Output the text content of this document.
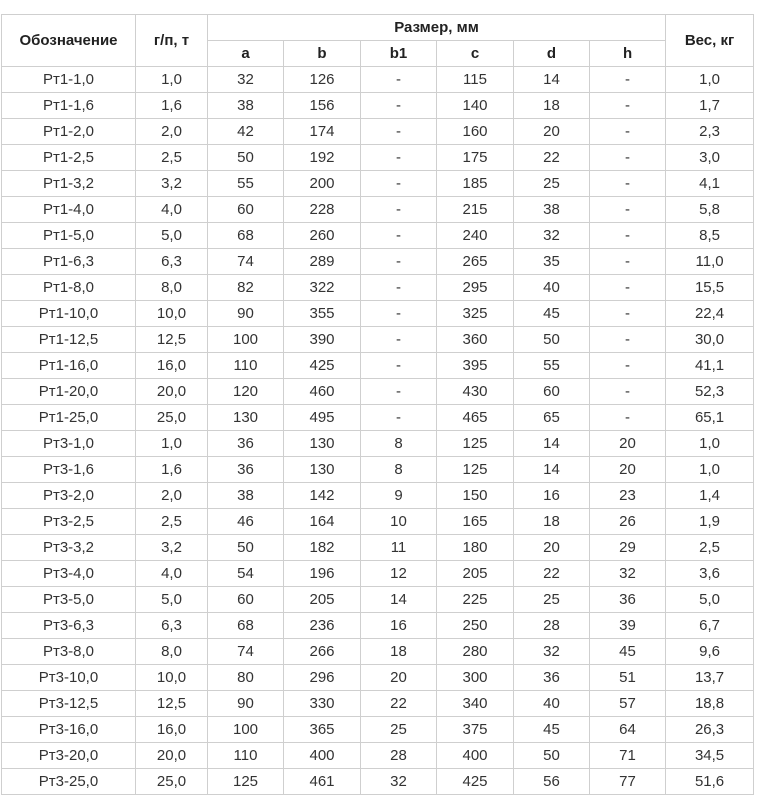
Обозначение	г/п, т	Размер, мм						Вес, кг
		a	b	b1	c	d	h	
Рт1-1,0	1,0	32	126	-	115	14	-	1,0
Рт1-1,6	1,6	38	156	-	140	18	-	1,7
Рт1-2,0	2,0	42	174	-	160	20	-	2,3
Рт1-2,5	2,5	50	192	-	175	22	-	3,0
Рт1-3,2	3,2	55	200	-	185	25	-	4,1
Рт1-4,0	4,0	60	228	-	215	38	-	5,8
Рт1-5,0	5,0	68	260	-	240	32	-	8,5
Рт1-6,3	6,3	74	289	-	265	35	-	11,0
Рт1-8,0	8,0	82	322	-	295	40	-	15,5
Рт1-10,0	10,0	90	355	-	325	45	-	22,4
Рт1-12,5	12,5	100	390	-	360	50	-	30,0
Рт1-16,0	16,0	110	425	-	395	55	-	41,1
Рт1-20,0	20,0	120	460	-	430	60	-	52,3
Рт1-25,0	25,0	130	495	-	465	65	-	65,1
Рт3-1,0	1,0	36	130	8	125	14	20	1,0
Рт3-1,6	1,6	36	130	8	125	14	20	1,0
Рт3-2,0	2,0	38	142	9	150	16	23	1,4
Рт3-2,5	2,5	46	164	10	165	18	26	1,9
Рт3-3,2	3,2	50	182	11	180	20	29	2,5
Рт3-4,0	4,0	54	196	12	205	22	32	3,6
Рт3-5,0	5,0	60	205	14	225	25	36	5,0
Рт3-6,3	6,3	68	236	16	250	28	39	6,7
Рт3-8,0	8,0	74	266	18	280	32	45	9,6
Рт3-10,0	10,0	80	296	20	300	36	51	13,7
Рт3-12,5	12,5	90	330	22	340	40	57	18,8
Рт3-16,0	16,0	100	365	25	375	45	64	26,3
Рт3-20,0	20,0	110	400	28	400	50	71	34,5
Рт3-25,0	25,0	125	461	32	425	56	77	51,6
